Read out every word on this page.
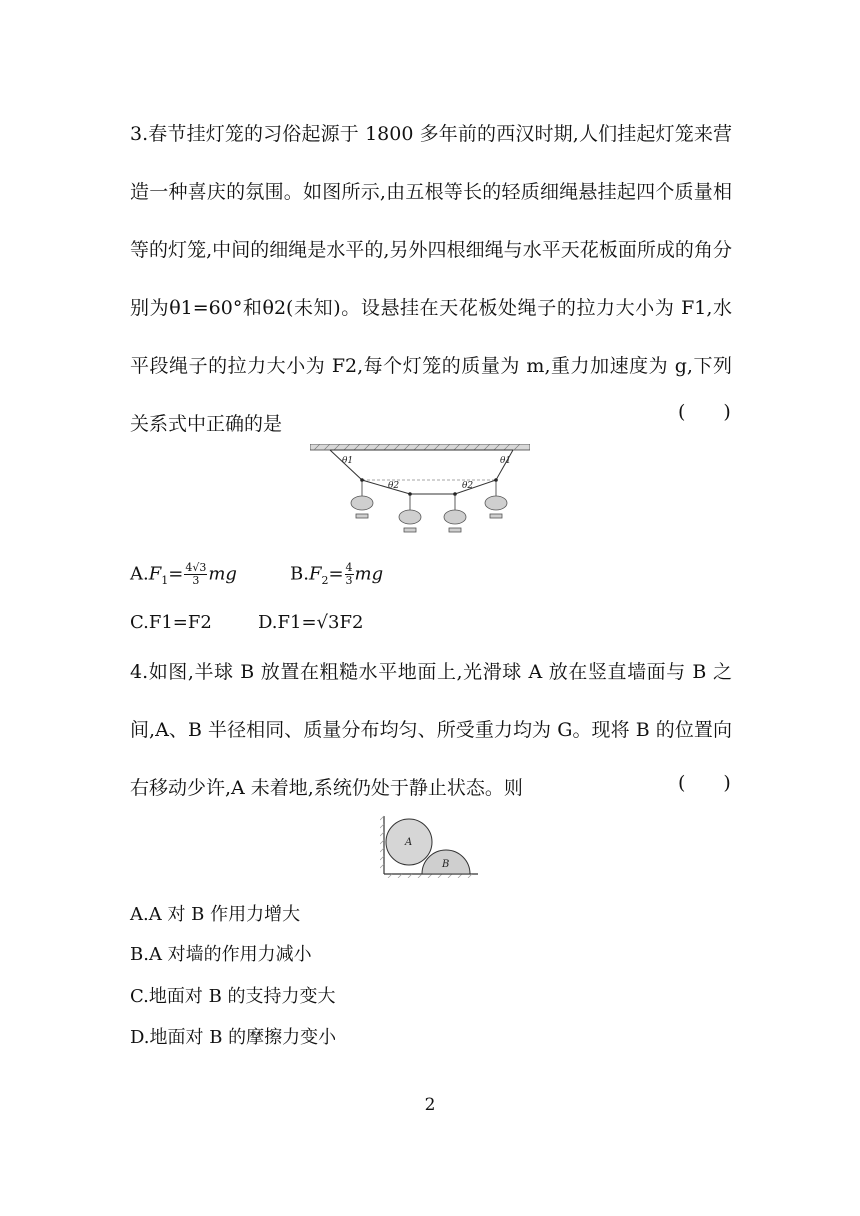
3.春节挂灯笼的习俗起源于 1800 多年前的西汉时期,人们挂起灯笼来营造一种喜庆的氛围。如图所示,由五根等长的轻质细绳悬挂起四个质量相等的灯笼,中间的细绳是水平的,另外四根细绳与水平天花板面所成的角分别为θ1=60°和θ2(未知)。设悬挂在天花板处绳子的拉力大小为 F1,水平段绳子的拉力大小为 F2,每个灯笼的质量为 m,重力加速度为 g,下列关系式中正确的是
(　　)
θ1	θ1
θ2	θ2
$A.F_1= \frac{4√3}{3}$ mg	$B.F_2= \frac{4}{3}$ mg
C.F1=F2	D.F1=√3F2
4.如图,半球 B 放置在粗糙水平地面上,光滑球 A 放在竖直墙面与 B 之间,A、B 半径相同、质量分布均匀、所受重力均为 G。现将 B 的位置向右移动少许,A 未着地,系统仍处于静止状态。则	(　　)
A
B
A.A 对 B 作用力增大
B.A 对墙的作用力减小
C.地面对 B 的支持力变大
D.地面对 B 的摩擦力变小
2
